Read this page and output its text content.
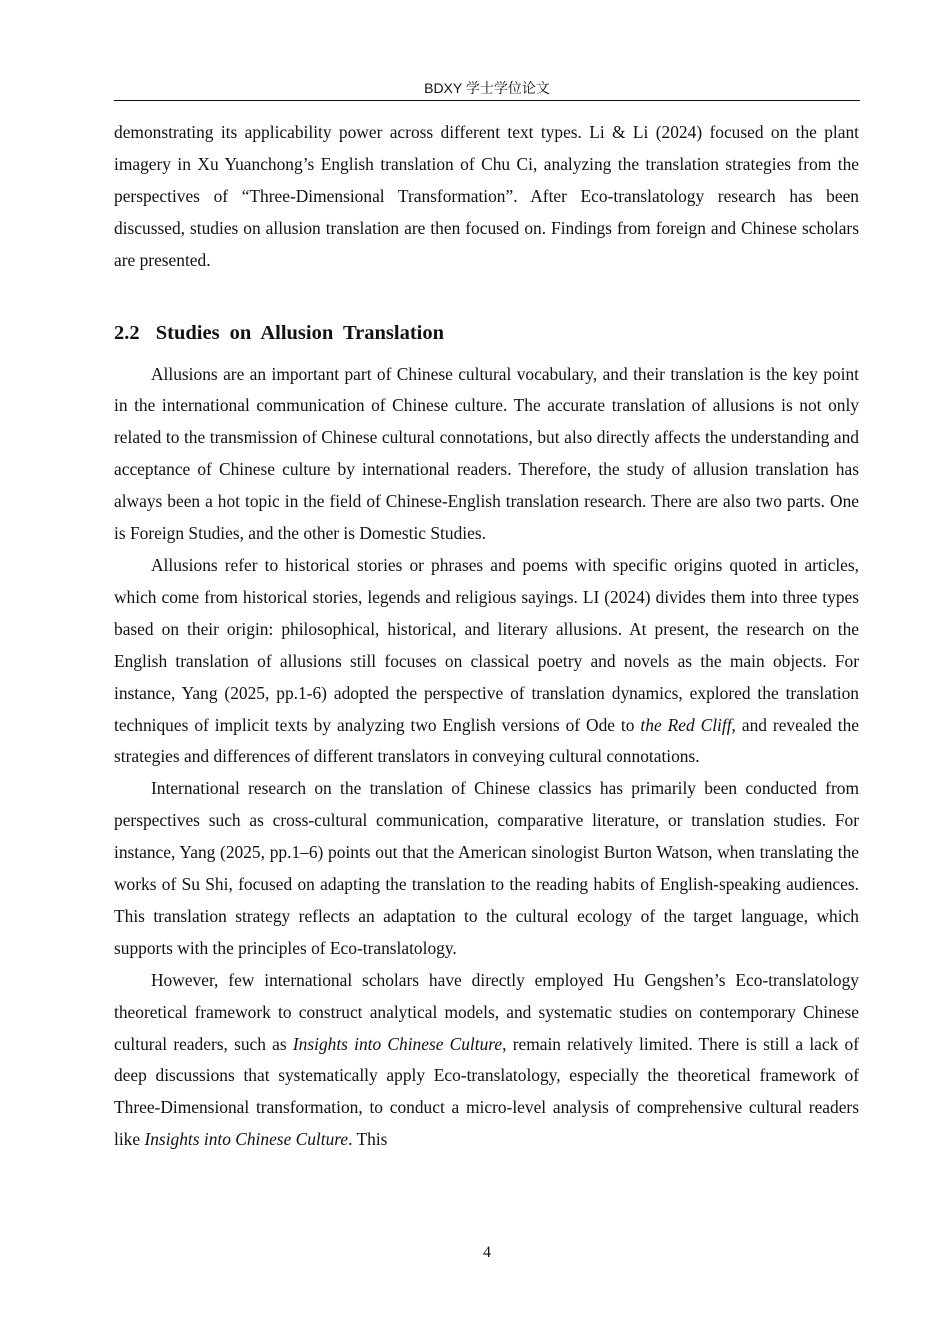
BDXY 学士学位论文

demonstrating its applicability power across different text types. Li & Li (2024) focused on the plant imagery in Xu Yuanchong’s English translation of Chu Ci, analyzing the translation strategies from the perspectives of “Three-Dimensional Transformation”. After Eco-translatology research has been discussed, studies on allusion translation are then focused on. Findings from foreign and Chinese scholars are presented.

2.2 Studies on Allusion Translation

Allusions are an important part of Chinese cultural vocabulary, and their translation is the key point in the international communication of Chinese culture. The accurate translation of allusions is not only related to the transmission of Chinese cultural connotations, but also directly affects the understanding and acceptance of Chinese culture by international readers. Therefore, the study of allusion translation has always been a hot topic in the field of Chinese-English translation research. There are also two parts. One is Foreign Studies, and the other is Domestic Studies.

Allusions refer to historical stories or phrases and poems with specific origins quoted in articles, which come from historical stories, legends and religious sayings. LI (2024) divides them into three types based on their origin: philosophical, historical, and literary allusions. At present, the research on the English translation of allusions still focuses on classical poetry and novels as the main objects. For instance, Yang (2025, pp.1-6) adopted the perspective of translation dynamics, explored the translation techniques of implicit texts by analyzing two English versions of Ode to the Red Cliff, and revealed the strategies and differences of different translators in conveying cultural connotations.

International research on the translation of Chinese classics has primarily been conducted from perspectives such as cross-cultural communication, comparative literature, or translation studies. For instance, Yang (2025, pp.1–6) points out that the American sinologist Burton Watson, when translating the works of Su Shi, focused on adapting the translation to the reading habits of English-speaking audiences. This translation strategy reflects an adaptation to the cultural ecology of the target language, which supports with the principles of Eco-translatology.

However, few international scholars have directly employed Hu Gengshen’s Eco-translatology theoretical framework to construct analytical models, and systematic studies on contemporary Chinese cultural readers, such as Insights into Chinese Culture, remain relatively limited. There is still a lack of deep discussions that systematically apply Eco-translatology, especially the theoretical framework of Three-Dimensional transformation, to conduct a micro-level analysis of comprehensive cultural readers like Insights into Chinese Culture. This

4
